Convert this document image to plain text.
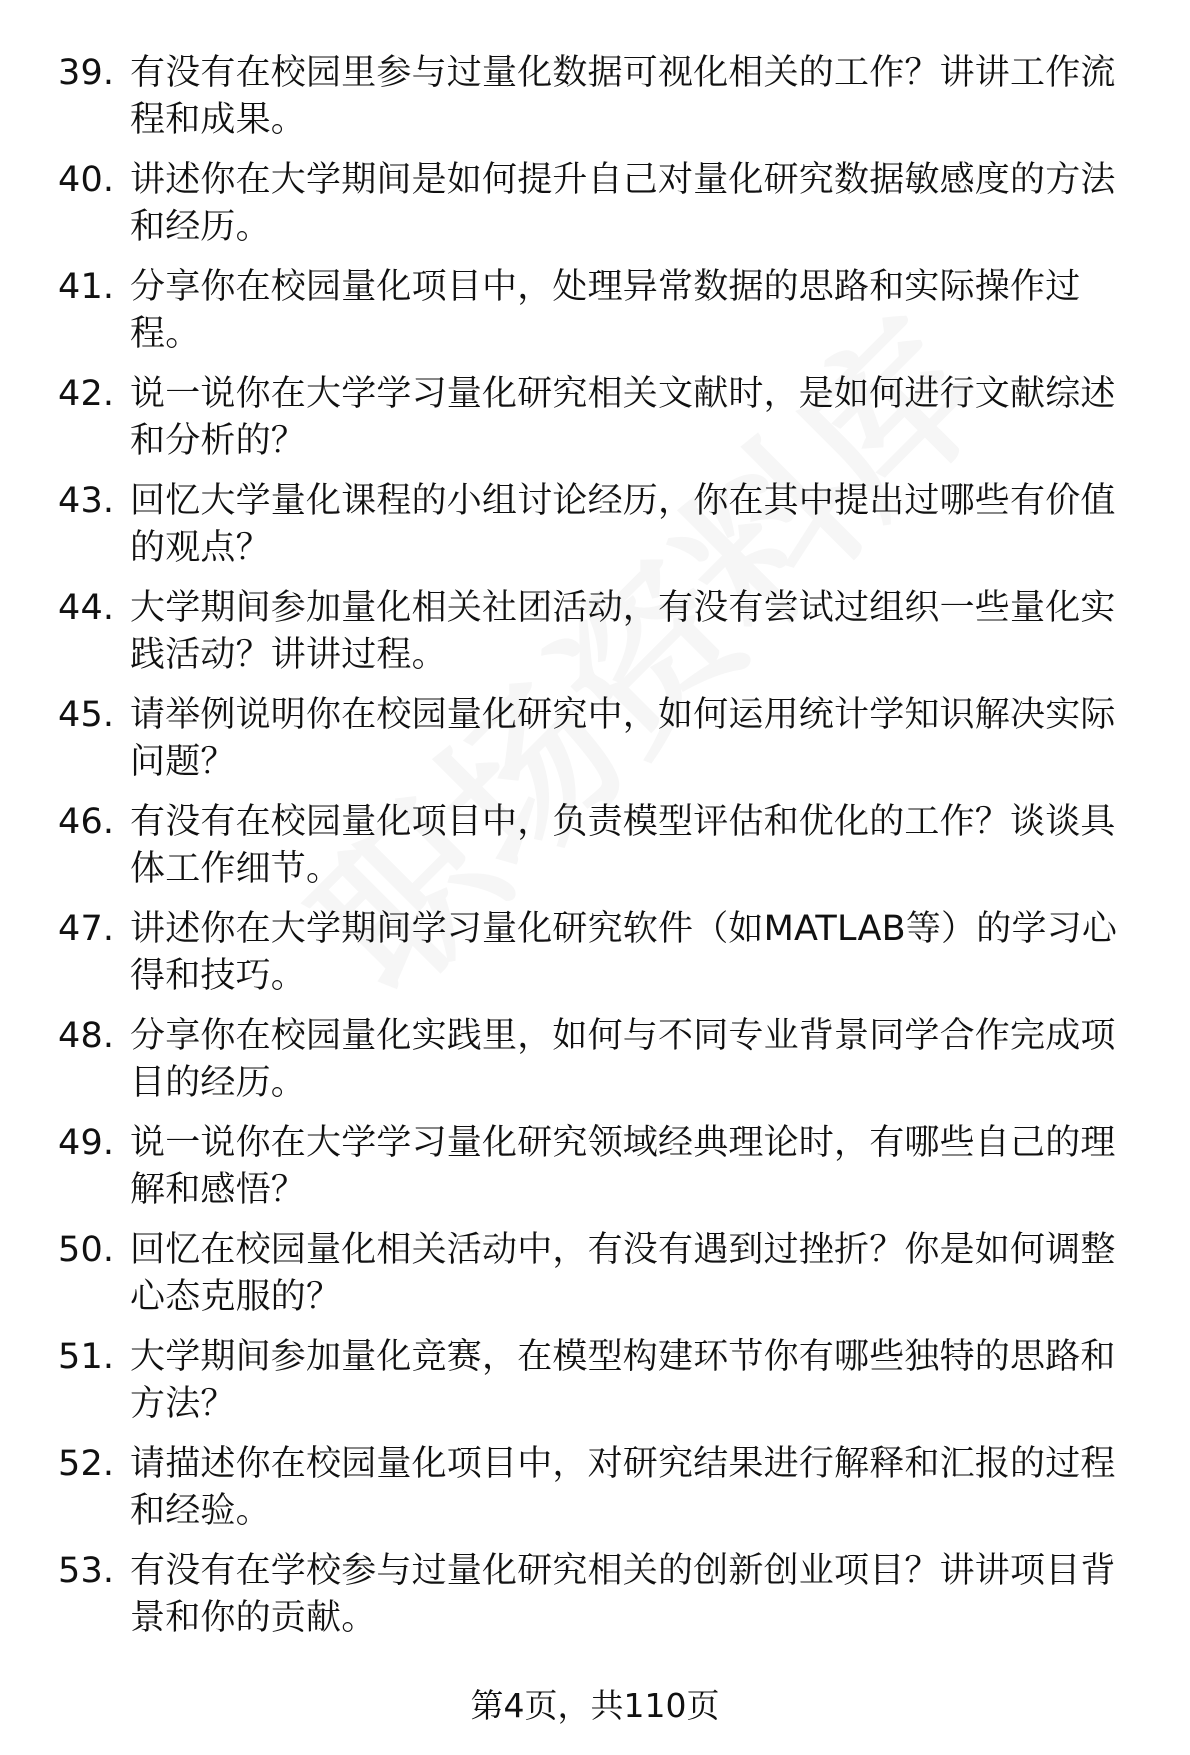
39. 有没有在校园里参与过量化数据可视化相关的工作？讲讲工作流程和成果。
40. 讲述你在大学期间是如何提升自己对量化研究数据敏感度的方法和经历。
41. 分享你在校园量化项目中，处理异常数据的思路和实际操作过程。
42. 说一说你在大学学习量化研究相关文献时，是如何进行文献综述和分析的？
43. 回忆大学量化课程的小组讨论经历，你在其中提出过哪些有价值的观点？
44. 大学期间参加量化相关社团活动，有没有尝试过组织一些量化实践活动？讲讲过程。
45. 请举例说明你在校园量化研究中，如何运用统计学知识解决实际问题？
46. 有没有在校园量化项目中，负责模型评估和优化的工作？谈谈具体工作细节。
47. 讲述你在大学期间学习量化研究软件（如MATLAB等）的学习心得和技巧。
48. 分享你在校园量化实践里，如何与不同专业背景同学合作完成项目的经历。
49. 说一说你在大学学习量化研究领域经典理论时，有哪些自己的理解和感悟？
50. 回忆在校园量化相关活动中，有没有遇到过挫折？你是如何调整心态克服的？
51. 大学期间参加量化竞赛，在模型构建环节你有哪些独特的思路和方法？
52. 请描述你在校园量化项目中，对研究结果进行解释和汇报的过程和经验。
53. 有没有在学校参与过量化研究相关的创新创业项目？讲讲项目背景和你的贡献。
第4页，共110页
